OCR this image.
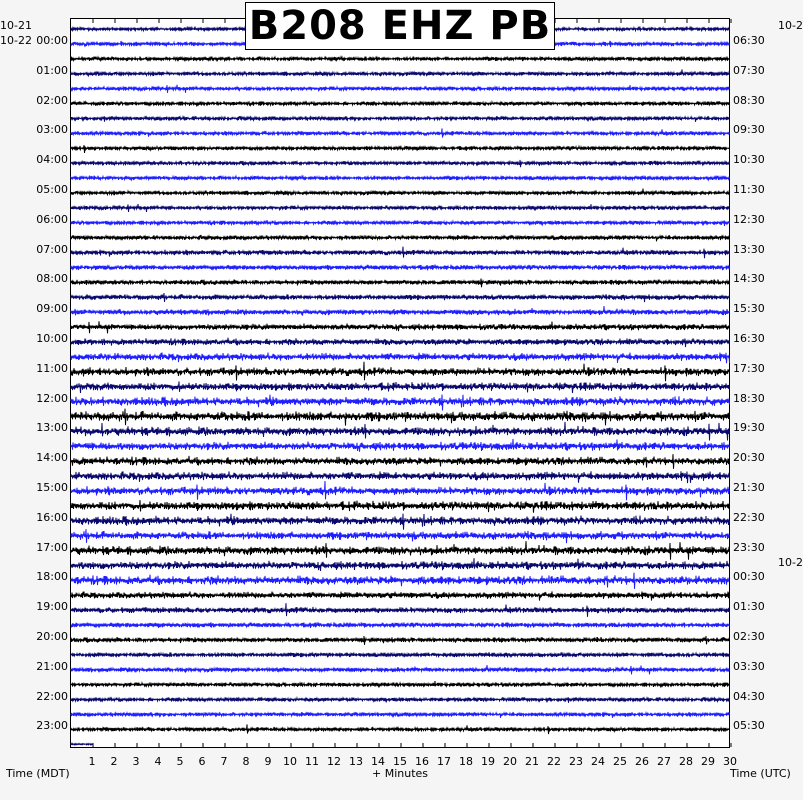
B208 EHZ PB
10-21
10-22 00:00
01:00
02:00
03:00
04:00
05:00
06:00
07:00
08:00
09:00
10:00
11:00
12:00
13:00
14:00
15:00
16:00
17:00
18:00
19:00
20:00
21:00
22:00
23:00
10-2
06:30
07:30
08:30
09:30
10:30
11:30
12:30
13:30
14:30
15:30
16:30
17:30
18:30
19:30
20:30
21:30
22:30
23:30
00:30
01:30
02:30
03:30
04:30
05:30
10-2
1 2 3 4 5 6 7 8 9 10 11 12 13 14 15 16 17 18 19 20 21 22 23 24 25 26 27 28 29 30
Time (MDT)	+ Minutes	Time (UTC)
